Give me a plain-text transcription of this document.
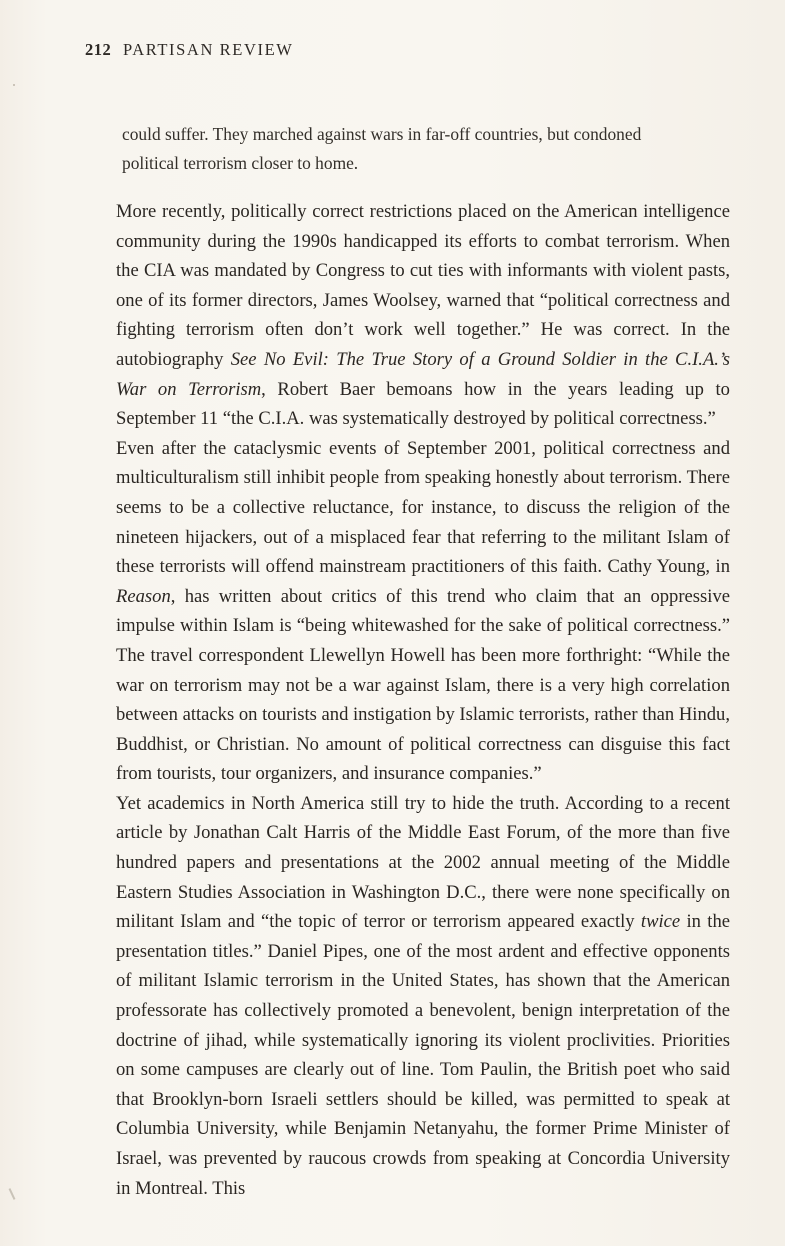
212 PARTISAN REVIEW

could suffer. They marched against wars in far-off countries, but condoned political terrorism closer to home.

More recently, politically correct restrictions placed on the American intelligence community during the 1990s handicapped its efforts to combat terrorism. When the CIA was mandated by Congress to cut ties with informants with violent pasts, one of its former directors, James Woolsey, warned that “political correctness and fighting terrorism often don’t work well together.” He was correct. In the autobiography See No Evil: The True Story of a Ground Soldier in the C.I.A.’s War on Terrorism, Robert Baer bemoans how in the years leading up to September 11 “the C.I.A. was systematically destroyed by political correctness.”

Even after the cataclysmic events of September 2001, political correctness and multiculturalism still inhibit people from speaking honestly about terrorism. There seems to be a collective reluctance, for instance, to discuss the religion of the nineteen hijackers, out of a misplaced fear that referring to the militant Islam of these terrorists will offend mainstream practitioners of this faith. Cathy Young, in Reason, has written about critics of this trend who claim that an oppressive impulse within Islam is “being whitewashed for the sake of political correctness.” The travel correspondent Llewellyn Howell has been more forthright: “While the war on terrorism may not be a war against Islam, there is a very high correlation between attacks on tourists and instigation by Islamic terrorists, rather than Hindu, Buddhist, or Christian. No amount of political correctness can disguise this fact from tourists, tour organizers, and insurance companies.”

Yet academics in North America still try to hide the truth. According to a recent article by Jonathan Calt Harris of the Middle East Forum, of the more than five hundred papers and presentations at the 2002 annual meeting of the Middle Eastern Studies Association in Washington D.C., there were none specifically on militant Islam and “the topic of terror or terrorism appeared exactly twice in the presentation titles.” Daniel Pipes, one of the most ardent and effective opponents of militant Islamic terrorism in the United States, has shown that the American professorate has collectively promoted a benevolent, benign interpretation of the doctrine of jihad, while systematically ignoring its violent proclivities. Priorities on some campuses are clearly out of line. Tom Paulin, the British poet who said that Brooklyn-born Israeli settlers should be killed, was permitted to speak at Columbia University, while Benjamin Netanyahu, the former Prime Minister of Israel, was prevented by raucous crowds from speaking at Concordia University in Montreal. This
